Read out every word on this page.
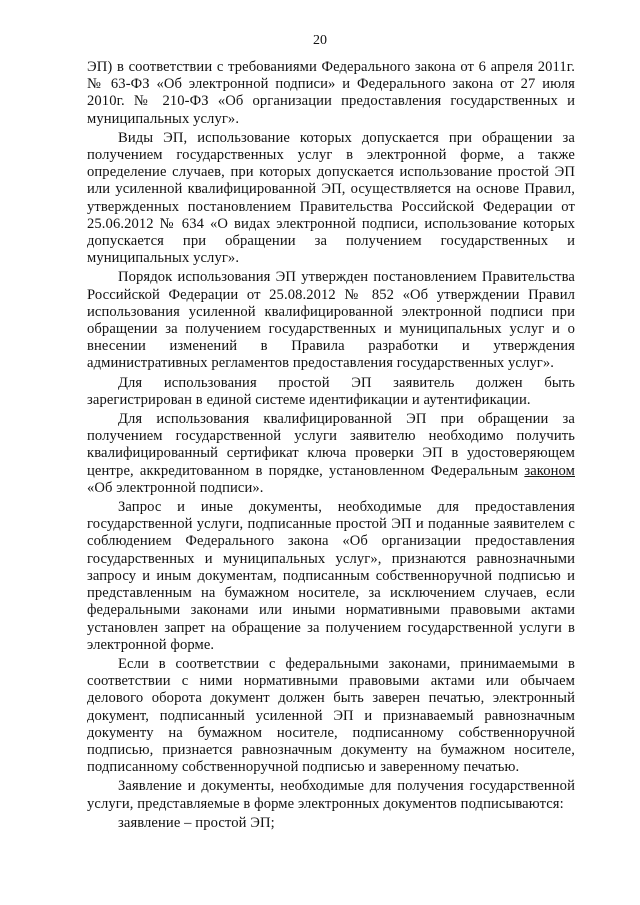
20

ЭП) в соответствии с требованиями Федерального закона от 6 апреля 2011г. № 63-ФЗ «Об электронной подписи» и Федерального закона от 27 июля 2010г. № 210-ФЗ «Об организации предоставления государственных и муниципальных услуг».

Виды ЭП, использование которых допускается при обращении за получением государственных услуг в электронной форме, а также определение случаев, при которых допускается использование простой ЭП или усиленной квалифицированной ЭП, осуществляется на основе Правил, утвержденных постановлением Правительства Российской Федерации от 25.06.2012 № 634 «О видах электронной подписи, использование которых допускается при обращении за получением государственных и муниципальных услуг».

Порядок использования ЭП утвержден постановлением Правительства Российской Федерации от 25.08.2012 № 852 «Об утверждении Правил использования усиленной квалифицированной электронной подписи при обращении за получением государственных и муниципальных услуг и о внесении изменений в Правила разработки и утверждения административных регламентов предоставления государственных услуг».

Для использования простой ЭП заявитель должен быть зарегистрирован в единой системе идентификации и аутентификации.

Для использования квалифицированной ЭП при обращении за получением государственной услуги заявителю необходимо получить квалифицированный сертификат ключа проверки ЭП в удостоверяющем центре, аккредитованном в порядке, установленном Федеральным законом «Об электронной подписи».

Запрос и иные документы, необходимые для предоставления государственной услуги, подписанные простой ЭП и поданные заявителем с соблюдением Федерального закона «Об организации предоставления государственных и муниципальных услуг», признаются равнозначными запросу и иным документам, подписанным собственноручной подписью и представленным на бумажном носителе, за исключением случаев, если федеральными законами или иными нормативными правовыми актами установлен запрет на обращение за получением государственной услуги в электронной форме.

Если в соответствии с федеральными законами, принимаемыми в соответствии с ними нормативными правовыми актами или обычаем делового оборота документ должен быть заверен печатью, электронный документ, подписанный усиленной ЭП и признаваемый равнозначным документу на бумажном носителе, подписанному собственноручной подписью, признается равнозначным документу на бумажном носителе, подписанному собственноручной подписью и заверенному печатью.

Заявление и документы, необходимые для получения государственной услуги, представляемые в форме электронных документов подписываются:

заявление – простой ЭП;
